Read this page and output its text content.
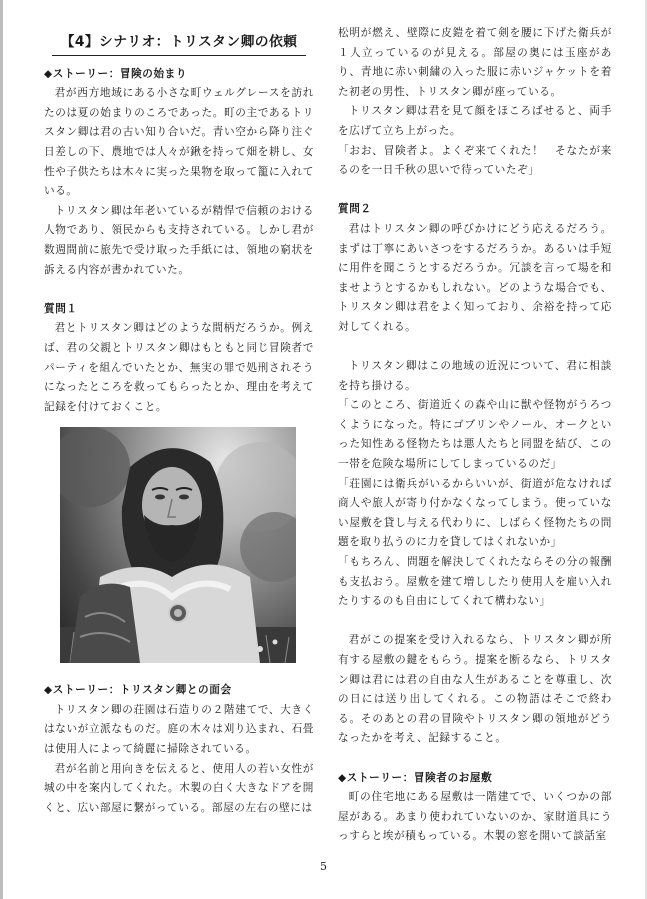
【4】シナリオ：トリスタン卿の依頼
◆ストーリー：冒険の始まり

君が西方地域にある小さな町ウェルグレースを訪れたのは夏の始まりのころであった。町の主であるトリスタン卿は君の古い知り合いだ。青い空から降り注ぐ日差しの下、農地では人々が鍬を持って畑を耕し、女性や子供たちは木々に実った果物を取って籠に入れている。

トリスタン卿は年老いているが精悍で信頼のおける人物であり、領民からも支持されている。しかし君が数週間前に旅先で受け取った手紙には、領地の窮状を訴える内容が書かれていた。

質問１

君とトリスタン卿はどのような間柄だろうか。例えば、君の父親とトリスタン卿はもともと同じ冒険者でパーティを組んでいたとか、無実の罪で処刑されそうになったところを救ってもらったとか、理由を考えて記録を付けておくこと。

◆ストーリー：トリスタン卿との面会

トリスタン卿の荘園は石造りの２階建てで、大きくはないが立派なものだ。庭の木々は刈り込まれ、石畳は使用人によって綺麗に掃除されている。

君が名前と用向きを伝えると、使用人の若い女性が城の中を案内してくれた。木製の白く大きなドアを開くと、広い部屋に繋がっている。部屋の左右の壁には

松明が燃え、壁際に皮鎧を着て剣を腰に下げた衛兵が１人立っているのが見える。部屋の奥には玉座があり、青地に赤い刺繍の入った服に赤いジャケットを着た初老の男性、トリスタン卿が座っている。

トリスタン卿は君を見て顔をほころばせると、両手を広げて立ち上がった。

「おお、冒険者よ。よくぞ来てくれた！　そなたが来るのを一日千秋の思いで待っていたぞ」

質問２

君はトリスタン卿の呼びかけにどう応えるだろう。まずは丁寧にあいさつをするだろうか。あるいは手短に用件を聞こうとするだろうか。冗談を言って場を和ませようとするかもしれない。どのような場合でも、トリスタン卿は君をよく知っており、余裕を持って応対してくれる。

トリスタン卿はこの地域の近況について、君に相談を持ち掛ける。

「このところ、街道近くの森や山に獣や怪物がうろつくようになった。特にゴブリンやノール、オークといった知性ある怪物たちは悪人たちと同盟を結び、この一帯を危険な場所にしてしまっているのだ」

「荘園には衛兵がいるからいいが、街道が危なければ商人や旅人が寄り付かなくなってしまう。使っていない屋敷を貸し与える代わりに、しばらく怪物たちの問題を取り払うのに力を貸してはくれないか」

「もちろん、問題を解決してくれたならその分の報酬も支払おう。屋敷を建て増ししたり使用人を雇い入れたりするのも自由にしてくれて構わない」

君がこの提案を受け入れるなら、トリスタン卿が所有する屋敷の鍵をもらう。提案を断るなら、トリスタン卿は君には君の自由な人生があることを尊重し、次の日には送り出してくれる。この物語はそこで終わる。そのあとの君の冒険やトリスタン卿の領地がどうなったかを考え、記録すること。

◆ストーリー：冒険者のお屋敷

町の住宅地にある屋敷は一階建てで、いくつかの部屋がある。あまり使われていないのか、家財道具にうっすらと埃が積もっている。木製の窓を開いて談話室

5
